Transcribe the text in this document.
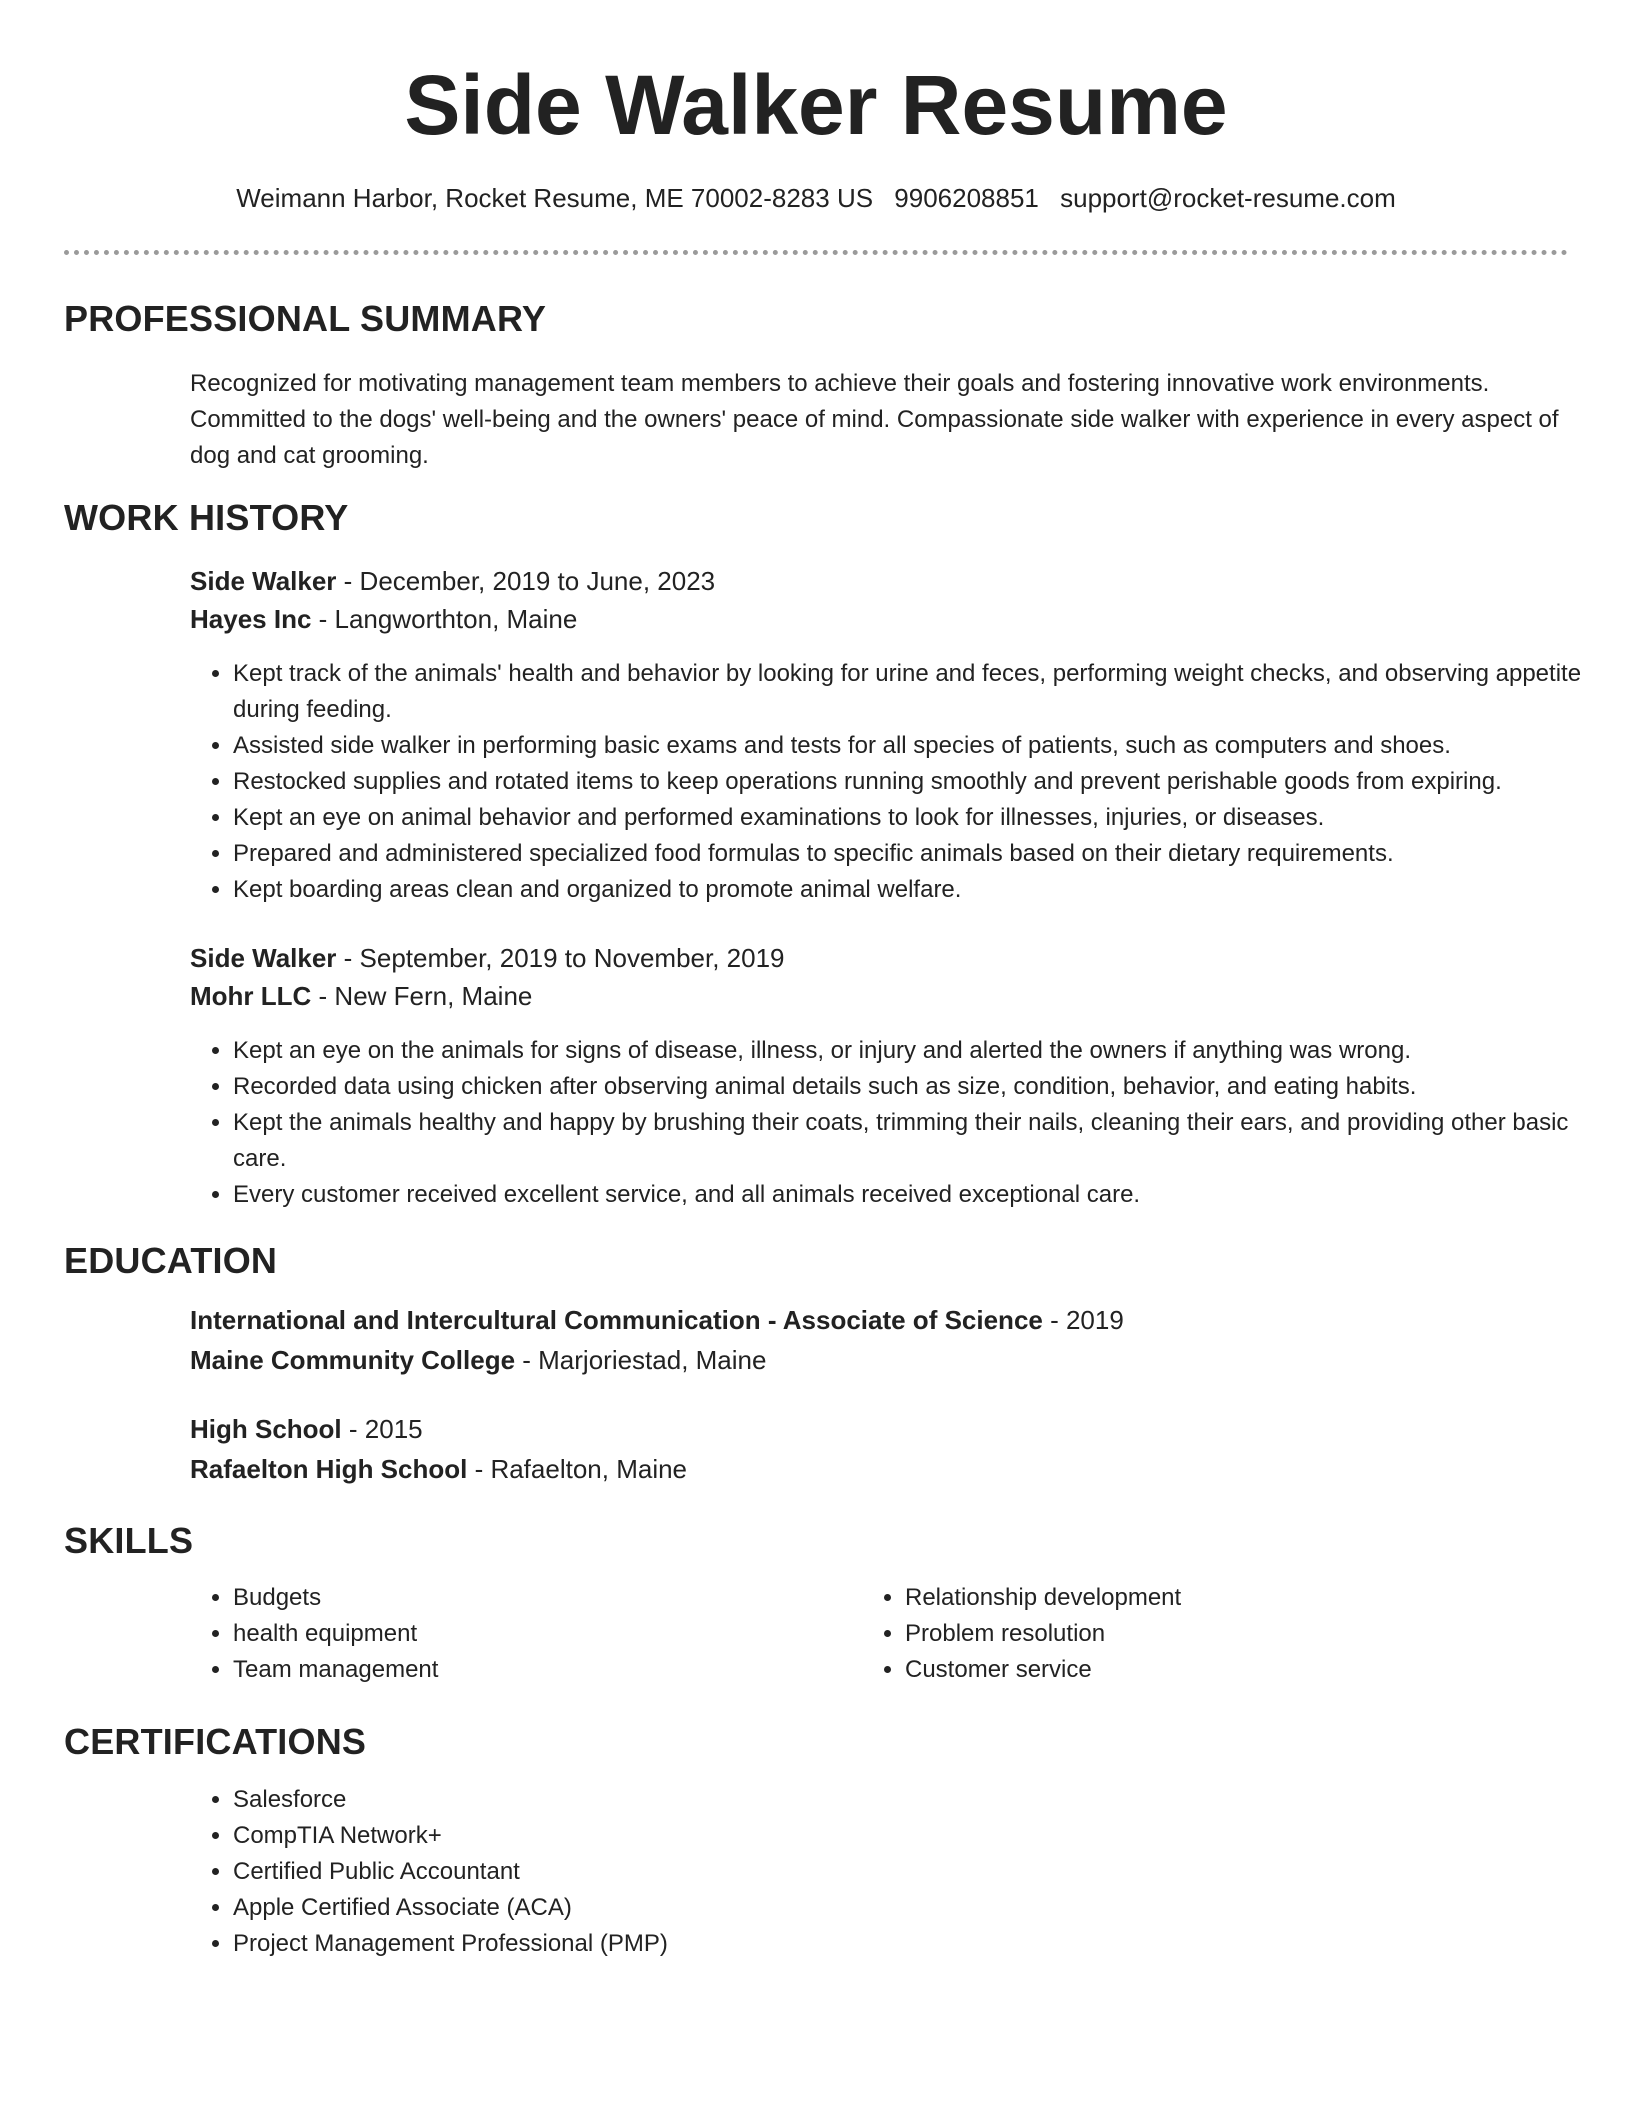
Side Walker Resume
Weimann Harbor, Rocket Resume, ME 70002-8283 US 9906208851 support@rocket-resume.com
PROFESSIONAL SUMMARY

Recognized for motivating management team members to achieve their goals and fostering innovative work environments. Committed to the dogs' well-being and the owners' peace of mind. Compassionate side walker with experience in every aspect of dog and cat grooming.

WORK HISTORY
Side Walker - December, 2019 to June, 2023
Hayes Inc - Langworthton, Maine
• Kept track of the animals' health and behavior by looking for urine and feces, performing weight checks, and observing appetite during feeding.
• Assisted side walker in performing basic exams and tests for all species of patients, such as computers and shoes.
• Restocked supplies and rotated items to keep operations running smoothly and prevent perishable goods from expiring.
• Kept an eye on animal behavior and performed examinations to look for illnesses, injuries, or diseases.
• Prepared and administered specialized food formulas to specific animals based on their dietary requirements.
• Kept boarding areas clean and organized to promote animal welfare.
Side Walker - September, 2019 to November, 2019
Mohr LLC - New Fern, Maine
• Kept an eye on the animals for signs of disease, illness, or injury and alerted the owners if anything was wrong.
• Recorded data using chicken after observing animal details such as size, condition, behavior, and eating habits.
• Kept the animals healthy and happy by brushing their coats, trimming their nails, cleaning their ears, and providing other basic care.
• Every customer received excellent service, and all animals received exceptional care.
EDUCATION
International and Intercultural Communication - Associate of Science - 2019
Maine Community College - Marjoriestad, Maine
High School - 2015
Rafaelton High School - Rafaelton, Maine
SKILLS
• Budgets
• health equipment
• Team management
• Relationship development
• Problem resolution
• Customer service
CERTIFICATIONS
• Salesforce
• CompTIA Network+
• Certified Public Accountant
• Apple Certified Associate (ACA)
• Project Management Professional (PMP)
